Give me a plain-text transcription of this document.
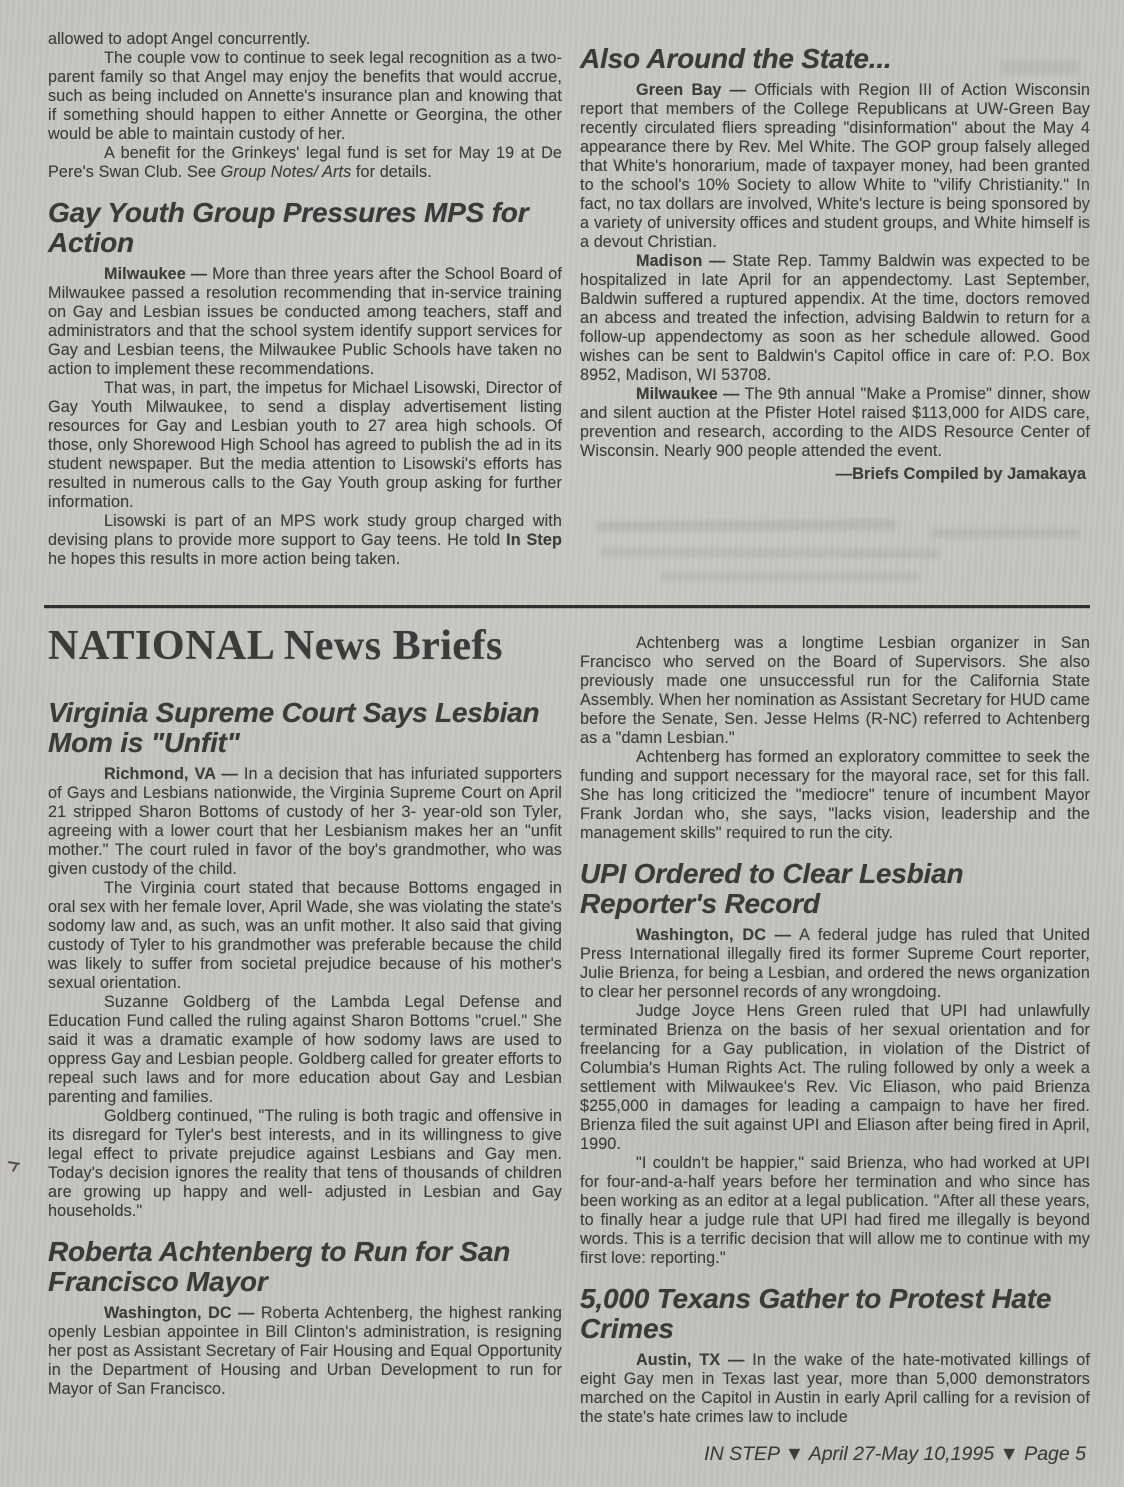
allowed to adopt Angel concurrently.

The couple vow to continue to seek legal recognition as a two- parent family so that Angel may enjoy the benefits that would accrue, such as being included on Annette's insurance plan and knowing that if something should happen to either Annette or Georgina, the other would be able to maintain custody of her.

A benefit for the Grinkeys' legal fund is set for May 19 at De Pere's Swan Club. See Group Notes/ Arts for details.

Gay Youth Group Pressures MPS for Action

Milwaukee — More than three years after the School Board of Milwaukee passed a resolution recommending that in-service training on Gay and Lesbian issues be conducted among teachers, staff and administrators and that the school system identify support services for Gay and Lesbian teens, the Milwaukee Public Schools have taken no action to implement these recommendations.

That was, in part, the impetus for Michael Lisowski, Director of Gay Youth Milwaukee, to send a display advertisement listing resources for Gay and Lesbian youth to 27 area high schools. Of those, only Shorewood High School has agreed to publish the ad in its student newspaper. But the media attention to Lisowski's efforts has resulted in numerous calls to the Gay Youth group asking for further information.

Lisowski is part of an MPS work study group charged with devising plans to provide more support to Gay teens. He told In Step he hopes this results in more action being taken.

Also Around the State...

Green Bay — Officials with Region III of Action Wisconsin report that members of the College Republicans at UW-Green Bay recently circulated fliers spreading "disinformation" about the May 4 appearance there by Rev. Mel White. The GOP group falsely alleged that White's honorarium, made of taxpayer money, had been granted to the school's 10% Society to allow White to "vilify Christianity." In fact, no tax dollars are involved, White's lecture is being sponsored by a variety of university offices and student groups, and White himself is a devout Christian.

Madison — State Rep. Tammy Baldwin was expected to be hospitalized in late April for an appendectomy. Last September, Baldwin suffered a ruptured appendix. At the time, doctors removed an abcess and treated the infection, advising Baldwin to return for a follow-up appendectomy as soon as her schedule allowed. Good wishes can be sent to Baldwin's Capitol office in care of: P.O. Box 8952, Madison, WI 53708.

Milwaukee — The 9th annual "Make a Promise" dinner, show and silent auction at the Pfister Hotel raised $113,000 for AIDS care, prevention and research, according to the AIDS Resource Center of Wisconsin. Nearly 900 people attended the event.

—Briefs Compiled by Jamakaya

NATIONAL News Briefs
Virginia Supreme Court Says Lesbian Mom is "Unfit"

Richmond, VA — In a decision that has infuriated supporters of Gays and Lesbians nationwide, the Virginia Supreme Court on April 21 stripped Sharon Bottoms of custody of her 3- year-old son Tyler, agreeing with a lower court that her Lesbianism makes her an "unfit mother." The court ruled in favor of the boy's grandmother, who was given custody of the child.

The Virginia court stated that because Bottoms engaged in oral sex with her female lover, April Wade, she was violating the state's sodomy law and, as such, was an unfit mother. It also said that giving custody of Tyler to his grandmother was preferable because the child was likely to suffer from societal prejudice because of his mother's sexual orientation.

Suzanne Goldberg of the Lambda Legal Defense and Education Fund called the ruling against Sharon Bottoms "cruel." She said it was a dramatic example of how sodomy laws are used to oppress Gay and Lesbian people. Goldberg called for greater efforts to repeal such laws and for more education about Gay and Lesbian parenting and families.

Goldberg continued, "The ruling is both tragic and offensive in its disregard for Tyler's best interests, and in its willingness to give legal effect to private prejudice against Lesbians and Gay men. Today's decision ignores the reality that tens of thousands of children are growing up happy and well- adjusted in Lesbian and Gay households."

Roberta Achtenberg to Run for San Francisco Mayor

Washington, DC — Roberta Achtenberg, the highest ranking openly Lesbian appointee in Bill Clinton's administration, is resigning her post as Assistant Secretary of Fair Housing and Equal Opportunity in the Department of Housing and Urban Development to run for Mayor of San Francisco.

Achtenberg was a longtime Lesbian organizer in San Francisco who served on the Board of Supervisors. She also previously made one unsuccessful run for the California State Assembly. When her nomination as Assistant Secretary for HUD came before the Senate, Sen. Jesse Helms (R-NC) referred to Achtenberg as a "damn Lesbian."

Achtenberg has formed an exploratory committee to seek the funding and support necessary for the mayoral race, set for this fall. She has long criticized the "mediocre" tenure of incumbent Mayor Frank Jordan who, she says, "lacks vision, leadership and the management skills" required to run the city.

UPI Ordered to Clear Lesbian Reporter's Record

Washington, DC — A federal judge has ruled that United Press International illegally fired its former Supreme Court reporter, Julie Brienza, for being a Lesbian, and ordered the news organization to clear her personnel records of any wrongdoing.

Judge Joyce Hens Green ruled that UPI had unlawfully terminated Brienza on the basis of her sexual orientation and for freelancing for a Gay publication, in violation of the District of Columbia's Human Rights Act. The ruling followed by only a week a settlement with Milwaukee's Rev. Vic Eliason, who paid Brienza $255,000 in damages for leading a campaign to have her fired. Brienza filed the suit against UPI and Eliason after being fired in April, 1990.

"I couldn't be happier," said Brienza, who had worked at UPI for four-and-a-half years before her termination and who since has been working as an editor at a legal publication. "After all these years, to finally hear a judge rule that UPI had fired me illegally is beyond words. This is a terrific decision that will allow me to continue with my first love: reporting."

5,000 Texans Gather to Protest Hate Crimes

Austin, TX — In the wake of the hate-motivated killings of eight Gay men in Texas last year, more than 5,000 demonstrators marched on the Capitol in Austin in early April calling for a revision of the state's hate crimes law to include

IN STEP ▼ April 27-May 10,1995 ▼ Page 5
